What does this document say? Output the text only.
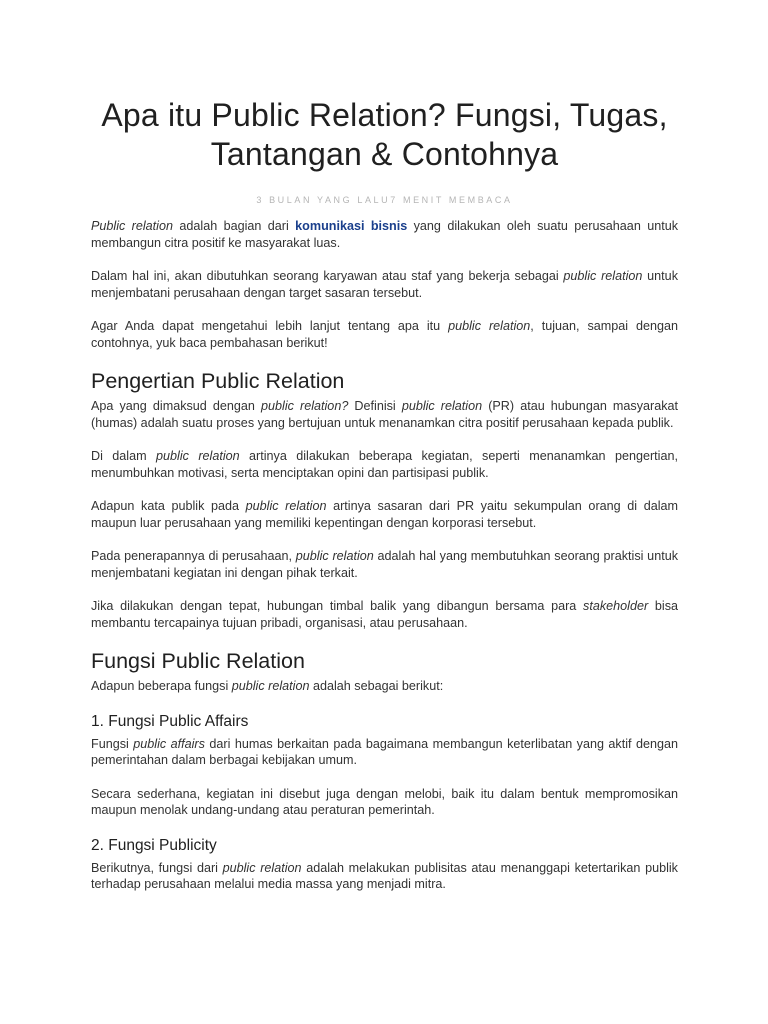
Apa itu Public Relation? Fungsi, Tugas, Tantangan & Contohnya
3 BULAN YANG LALU7 MENIT MEMBACA

Public relation adalah bagian dari komunikasi bisnis yang dilakukan oleh suatu perusahaan untuk membangun citra positif ke masyarakat luas.

Dalam hal ini, akan dibutuhkan seorang karyawan atau staf yang bekerja sebagai public relation untuk menjembatani perusahaan dengan target sasaran tersebut.

Agar Anda dapat mengetahui lebih lanjut tentang apa itu public relation, tujuan, sampai dengan contohnya, yuk baca pembahasan berikut!

Pengertian Public Relation

Apa yang dimaksud dengan public relation? Definisi public relation (PR) atau hubungan masyarakat (humas) adalah suatu proses yang bertujuan untuk menanamkan citra positif perusahaan kepada publik.

Di dalam public relation artinya dilakukan beberapa kegiatan, seperti menanamkan pengertian, menumbuhkan motivasi, serta menciptakan opini dan partisipasi publik.

Adapun kata publik pada public relation artinya sasaran dari PR yaitu sekumpulan orang di dalam maupun luar perusahaan yang memiliki kepentingan dengan korporasi tersebut.

Pada penerapannya di perusahaan, public relation adalah hal yang membutuhkan seorang praktisi untuk menjembatani kegiatan ini dengan pihak terkait.

Jika dilakukan dengan tepat, hubungan timbal balik yang dibangun bersama para stakeholder bisa membantu tercapainya tujuan pribadi, organisasi, atau perusahaan.

Fungsi Public Relation

Adapun beberapa fungsi public relation adalah sebagai berikut:

1. Fungsi Public Affairs

Fungsi public affairs dari humas berkaitan pada bagaimana membangun keterlibatan yang aktif dengan pemerintahan dalam berbagai kebijakan umum.

Secara sederhana, kegiatan ini disebut juga dengan melobi, baik itu dalam bentuk mempromosikan maupun menolak undang-undang atau peraturan pemerintah.

2. Fungsi Publicity

Berikutnya, fungsi dari public relation adalah melakukan publisitas atau menanggapi ketertarikan publik terhadap perusahaan melalui media massa yang menjadi mitra.
